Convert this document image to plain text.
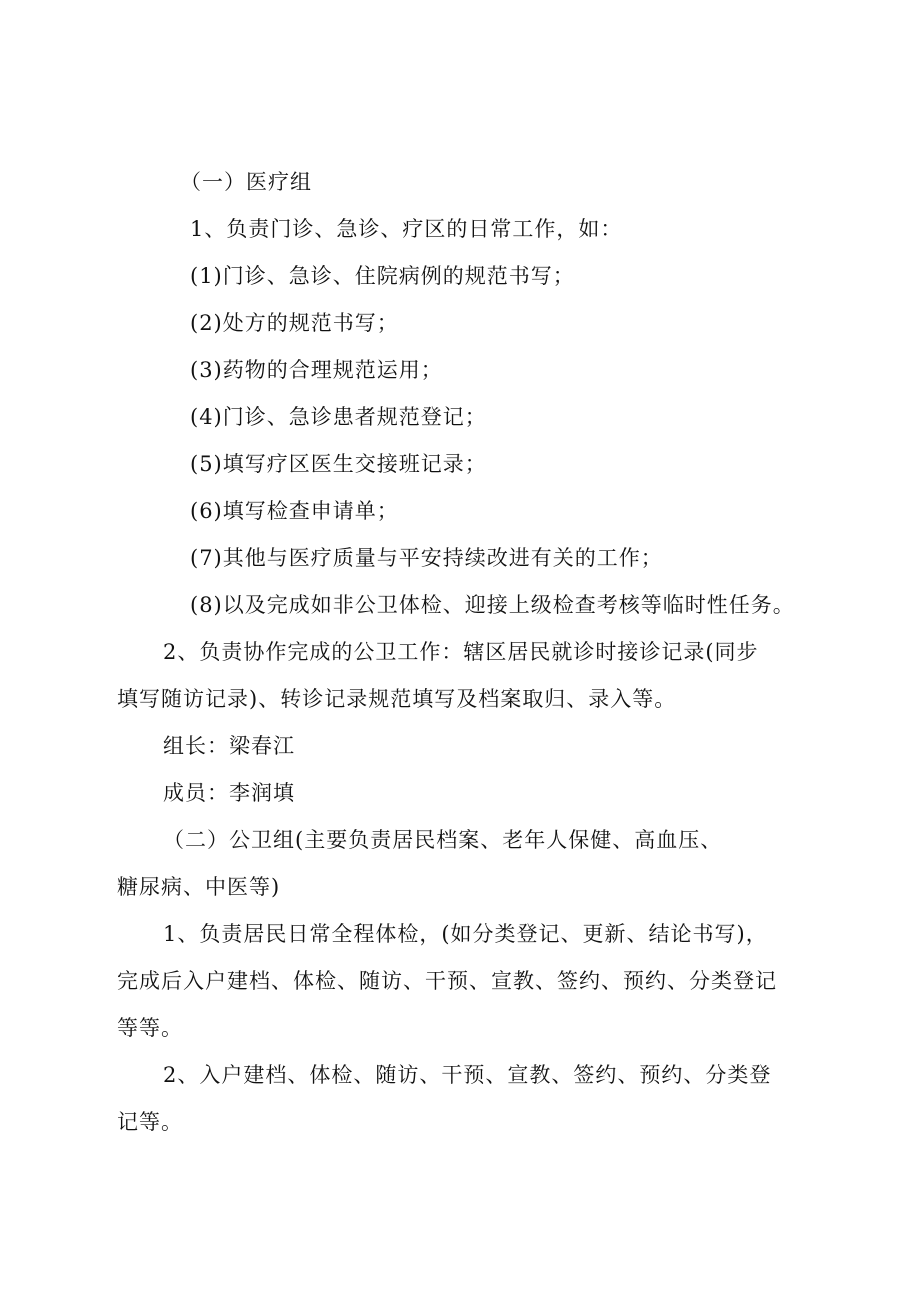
（一）医疗组
1、负责门诊、急诊、疗区的日常工作，如：
(1)门诊、急诊、住院病例的规范书写；
(2)处方的规范书写；
(3)药物的合理规范运用；
(4)门诊、急诊患者规范登记；
(5)填写疗区医生交接班记录；
(6)填写检查申请单；
(7)其他与医疗质量与平安持续改进有关的工作；
(8)以及完成如非公卫体检、迎接上级检查考核等临时性任务。
2、负责协作完成的公卫工作：辖区居民就诊时接诊记录(同步
填写随访记录)、转诊记录规范填写及档案取归、录入等。
组长：梁春江
成员：李润填
（二）公卫组(主要负责居民档案、老年人保健、高血压、
糖尿病、中医等)
1、负责居民日常全程体检，(如分类登记、更新、结论书写)，
完成后入户建档、体检、随访、干预、宣教、签约、预约、分类登记
等等。
2、入户建档、体检、随访、干预、宣教、签约、预约、分类登
记等。
